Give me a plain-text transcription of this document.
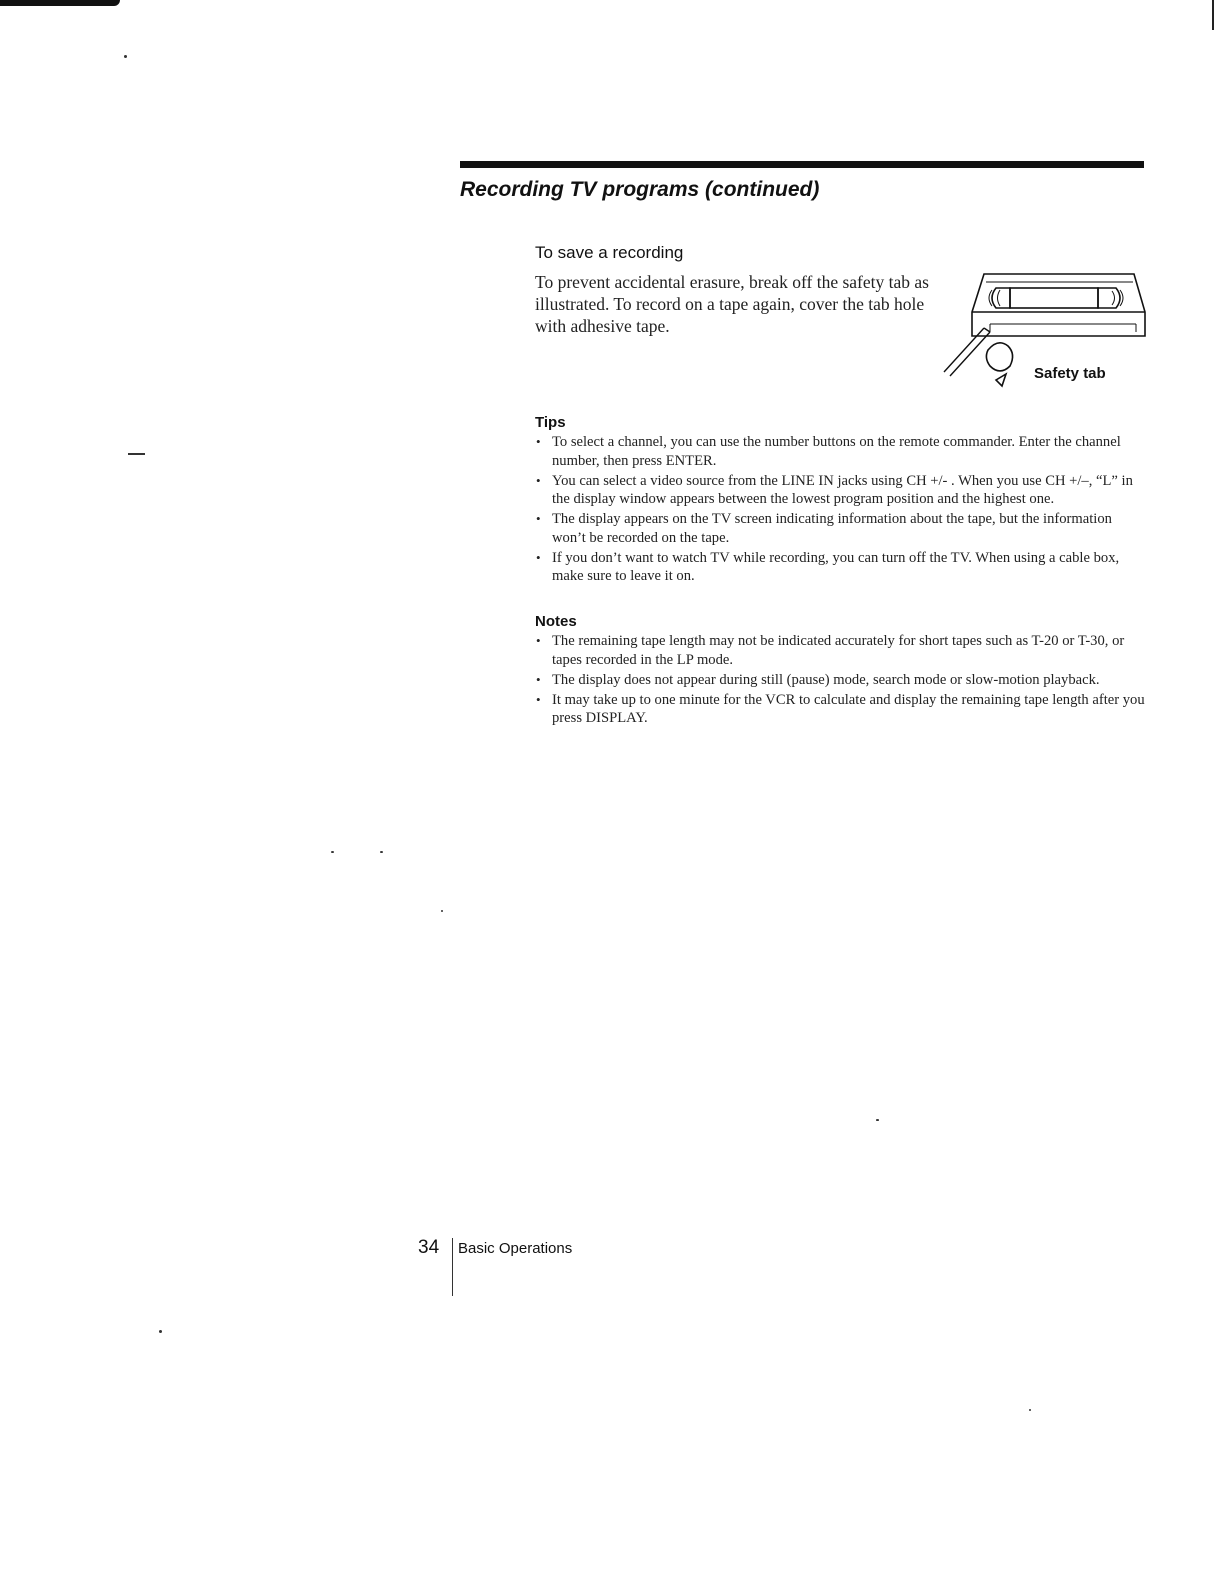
Recording TV programs (continued)
To save a recording
To prevent accidental erasure, break off the safety tab as illustrated. To record on a tape again, cover the tab hole with adhesive tape.
Safety tab
Tips
• To select a channel, you can use the number buttons on the remote commander. Enter the channel number, then press ENTER.
• You can select a video source from the LINE IN jacks using CH +/- . When you use CH +/–, “L” in the display window appears between the lowest program position and the highest one.
• The display appears on the TV screen indicating information about the tape, but the information won’t be recorded on the tape.
• If you don’t want to watch TV while recording, you can turn off the TV. When using a cable box, make sure to leave it on.
Notes
• The remaining tape length may not be indicated accurately for short tapes such as T-20 or T-30, or tapes recorded in the LP mode.
• The display does not appear during still (pause) mode, search mode or slow-motion playback.
• It may take up to one minute for the VCR to calculate and display the remaining tape length after you press DISPLAY.
34 Basic Operations
